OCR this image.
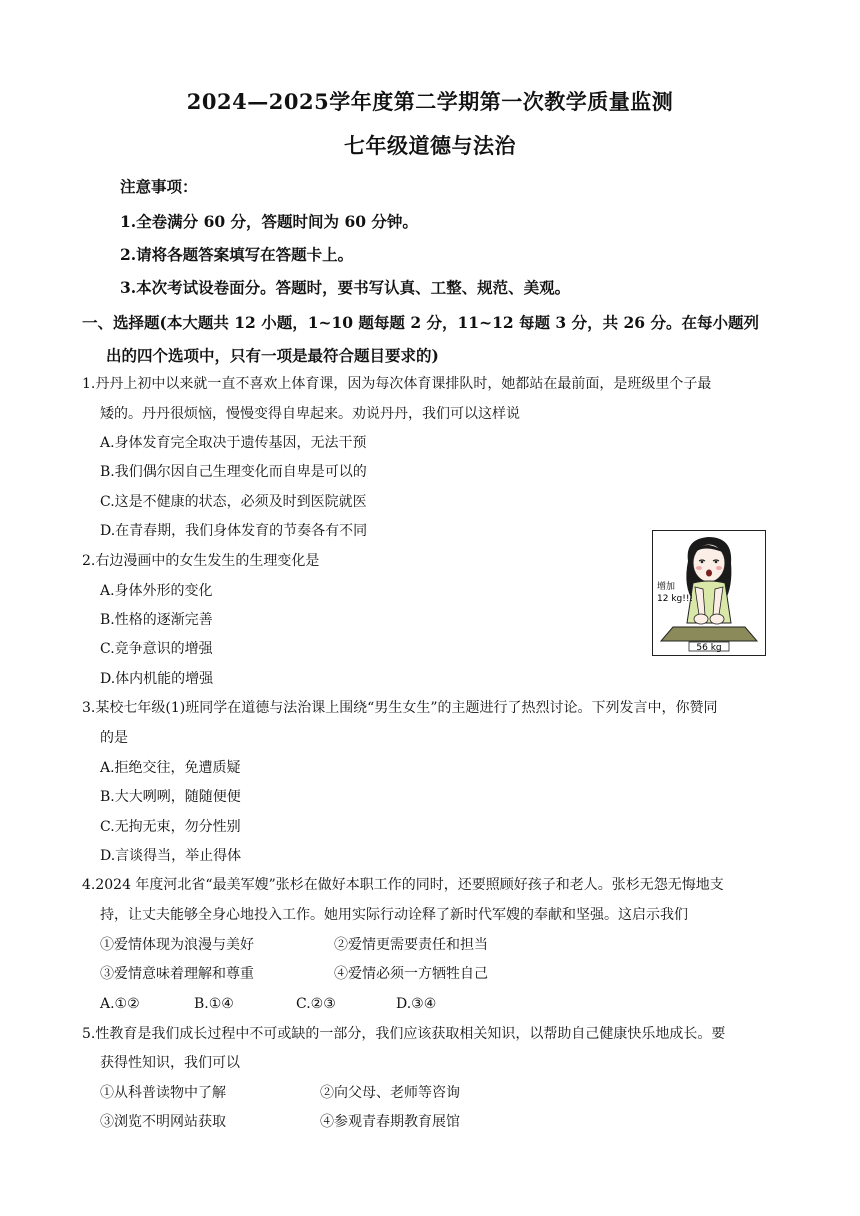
2024—2025学年度第二学期第一次教学质量监测
七年级道德与法治
注意事项：
1.全卷满分 60 分，答题时间为 60 分钟。
2.请将各题答案填写在答题卡上。
3.本次考试设卷面分。答题时，要书写认真、工整、规范、美观。
一、选择题(本大题共 12 小题，1~10 题每题 2 分，11~12 每题 3 分，共 26 分。在每小题列
出的四个选项中，只有一项是最符合题目要求的)
1.丹丹上初中以来就一直不喜欢上体育课，因为每次体育课排队时，她都站在最前面，是班级里个子最
矮的。丹丹很烦恼，慢慢变得自卑起来。劝说丹丹，我们可以这样说
A.身体发育完全取决于遗传基因，无法干预
B.我们偶尔因自己生理变化而自卑是可以的
C.这是不健康的状态，必须及时到医院就医
D.在青春期，我们身体发育的节奏各有不同
2.右边漫画中的女生发生的生理变化是
A.身体外形的变化
B.性格的逐渐完善
C.竞争意识的增强
D.体内机能的增强
56 kg
增加
12 kg!!!
3.某校七年级(1)班同学在道德与法治课上围绕“男生女生”的主题进行了热烈讨论。下列发言中，你赞同
的是
A.拒绝交往，免遭质疑
B.大大咧咧，随随便便
C.无拘无束，勿分性别
D.言谈得当，举止得体
4.2024 年度河北省“最美军嫂”张杉在做好本职工作的同时，还要照顾好孩子和老人。张杉无怨无悔地支
持，让丈夫能够全身心地投入工作。她用实际行动诠释了新时代军嫂的奉献和坚强。这启示我们
①爱情体现为浪漫与美好	②爱情更需要责任和担当
③爱情意味着理解和尊重	④爱情必须一方牺牲自己
A.①②	B.①④	C.②③	D.③④
5.性教育是我们成长过程中不可或缺的一部分，我们应该获取相关知识，以帮助自己健康快乐地成长。要
获得性知识，我们可以
①从科普读物中了解	②向父母、老师等咨询
③浏览不明网站获取	④参观青春期教育展馆
